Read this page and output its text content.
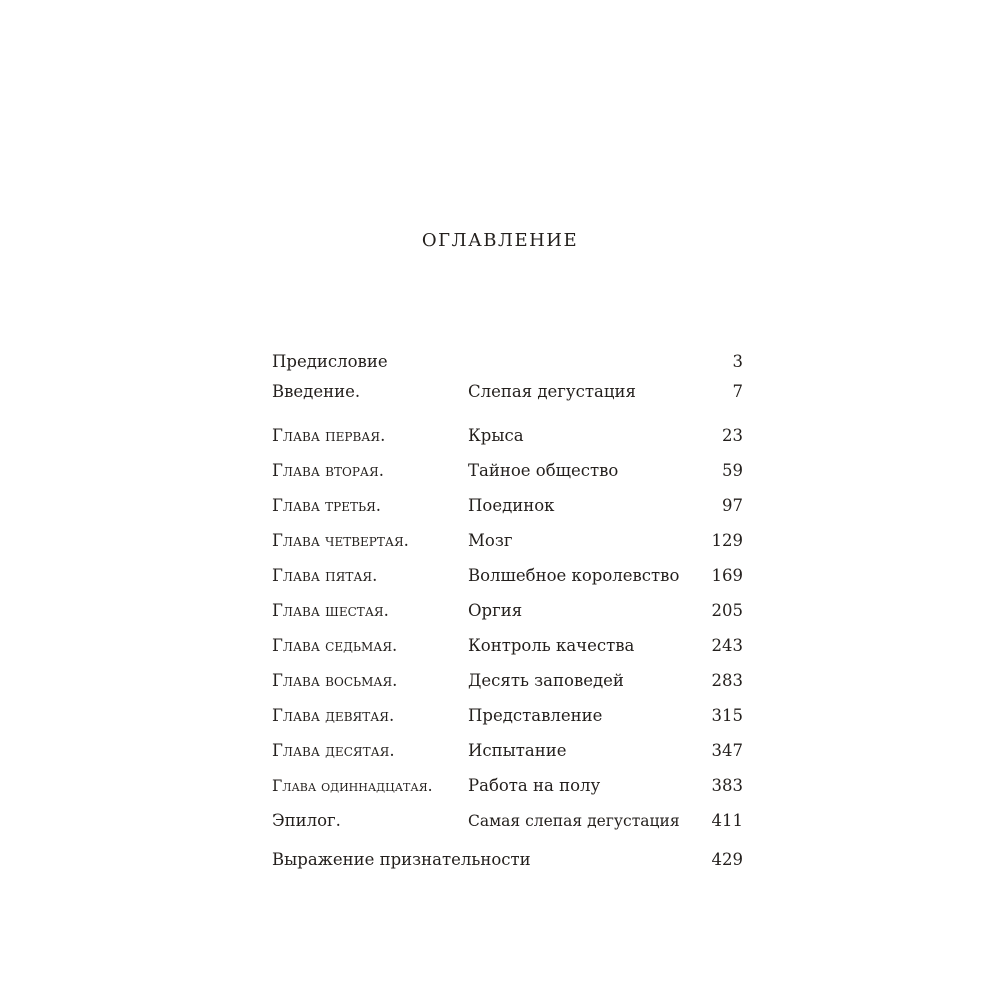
ОГЛАВЛЕНИЕ
Предисловие	3
Введение.	Слепая дегустация	7
Глава первая.	Крыса	23
Глава вторая.	Тайное общество	59
Глава третья.	Поединок	97
Глава четвертая.	Мозг	129
Глава пятая.	Волшебное королевство 169
Глава шестая.	Оргия	205
Глава седьмая.	Контроль качества	243
Глава восьмая.	Десять заповедей	283
Глава девятая.	Представление	315
Глава десятая.	Испытание	347
Глава одиннадцатая. Работа на полу	383
Эпилог.	Самая слепая дегустация 411
Выражение признательности	429
